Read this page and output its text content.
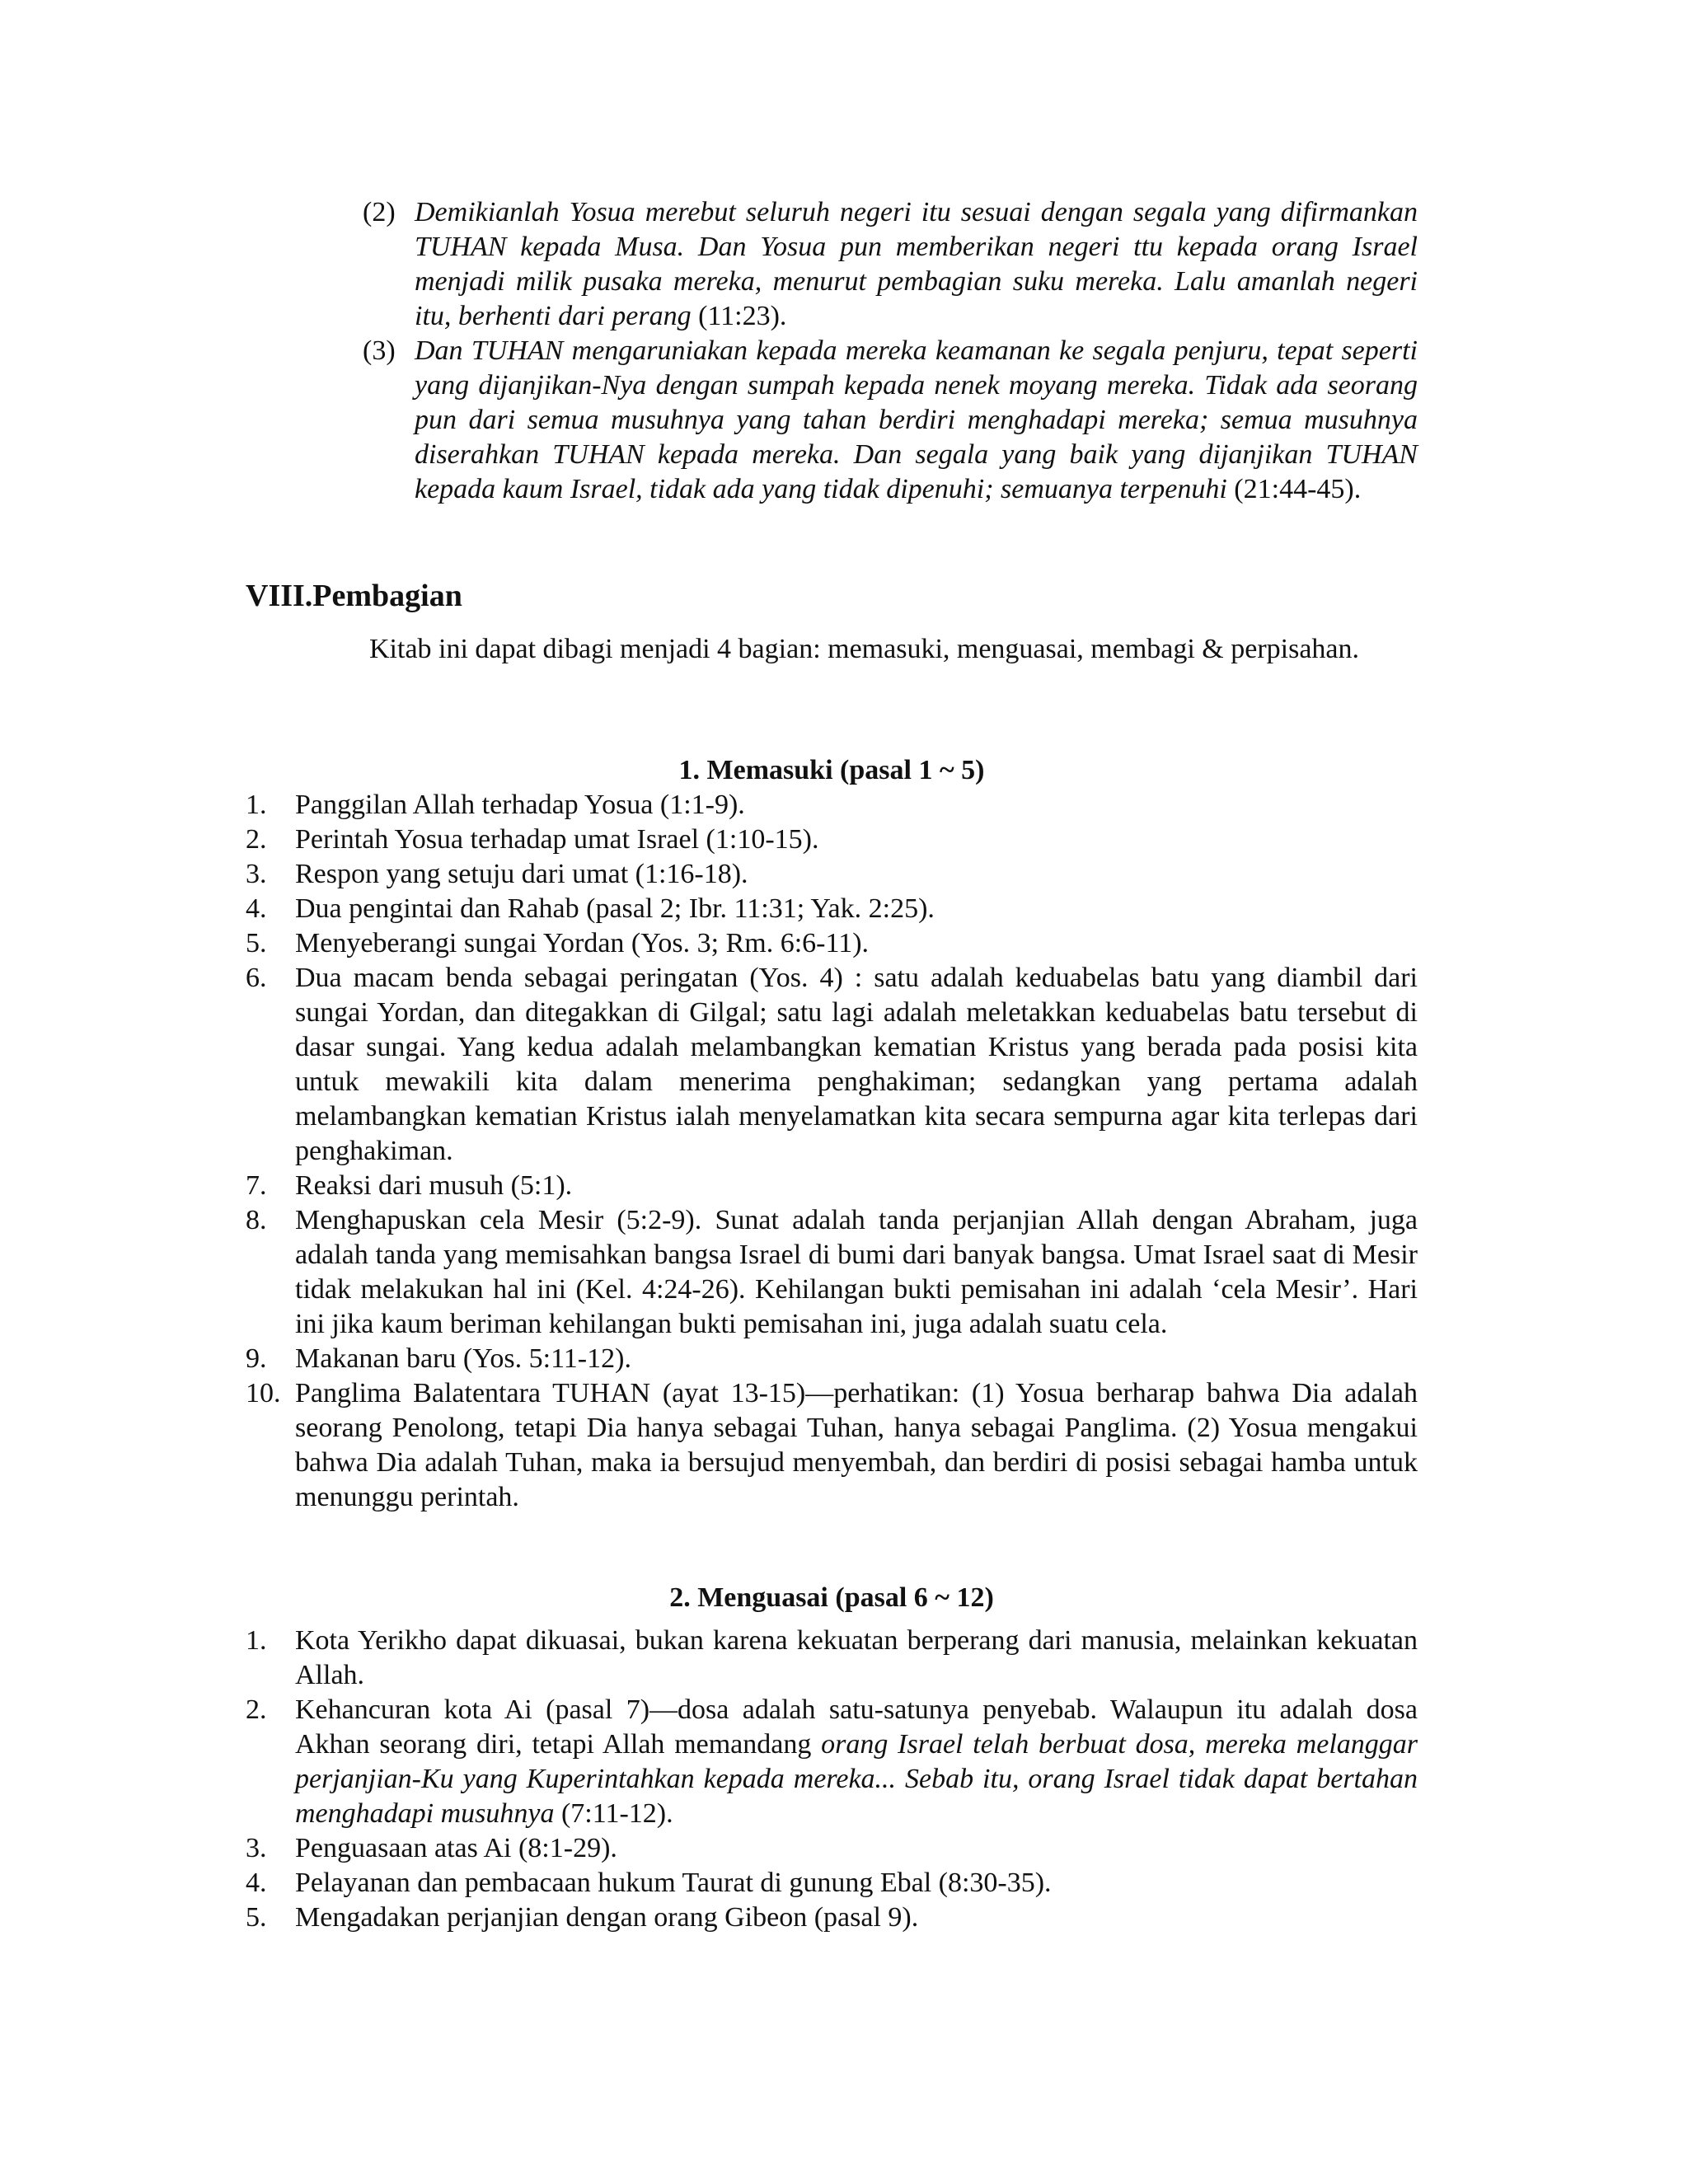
(2) Demikianlah Yosua merebut seluruh negeri itu sesuai dengan segala yang difirmankan TUHAN kepada Musa. Dan Yosua pun memberikan negeri ttu kepada orang Israel menjadi milik pusaka mereka, menurut pembagian suku mereka. Lalu amanlah negeri itu, berhenti dari perang (11:23).
(3) Dan TUHAN mengaruniakan kepada mereka keamanan ke segala penjuru, tepat seperti yang dijanjikan-Nya dengan sumpah kepada nenek moyang mereka. Tidak ada seorang pun dari semua musuhnya yang tahan berdiri menghadapi mereka; semua musuhnya diserahkan TUHAN kepada mereka. Dan segala yang baik yang dijanjikan TUHAN kepada kaum Israel, tidak ada yang tidak dipenuhi; semuanya terpenuhi (21:44-45).
VIII.Pembagian
Kitab ini dapat dibagi menjadi 4 bagian: memasuki, menguasai, membagi & perpisahan.
1. Memasuki (pasal 1 ~ 5)
1.	Panggilan Allah terhadap Yosua (1:1-9).
2.	Perintah Yosua terhadap umat Israel (1:10-15).
3.	Respon yang setuju dari umat (1:16-18).
4.	Dua pengintai dan Rahab (pasal 2; Ibr. 11:31; Yak. 2:25).
5.	Menyeberangi sungai Yordan (Yos. 3; Rm. 6:6-11).
6.	Dua macam benda sebagai peringatan (Yos. 4) : satu adalah keduabelas batu yang diambil dari sungai Yordan, dan ditegakkan di Gilgal; satu lagi adalah meletakkan keduabelas batu tersebut di dasar sungai. Yang kedua adalah melambangkan kematian Kristus yang berada pada posisi kita untuk mewakili kita dalam menerima penghakiman; sedangkan yang pertama adalah melambangkan kematian Kristus ialah menyelamatkan kita secara sempurna agar kita terlepas dari penghakiman.
7.	Reaksi dari musuh (5:1).
8.	Menghapuskan cela Mesir (5:2-9). Sunat adalah tanda perjanjian Allah dengan Abraham, juga adalah tanda yang memisahkan bangsa Israel di bumi dari banyak bangsa. Umat Israel saat di Mesir tidak melakukan hal ini (Kel. 4:24-26). Kehilangan bukti pemisahan ini adalah ‘cela Mesir’. Hari ini jika kaum beriman kehilangan bukti pemisahan ini, juga adalah suatu cela.
9.	Makanan baru (Yos. 5:11-12).
10. Panglima Balatentara TUHAN (ayat 13-15)—perhatikan: (1) Yosua berharap bahwa Dia adalah seorang Penolong, tetapi Dia hanya sebagai Tuhan, hanya sebagai Panglima. (2) Yosua mengakui bahwa Dia adalah Tuhan, maka ia bersujud menyembah, dan berdiri di posisi sebagai hamba untuk menunggu perintah.
2. Menguasai (pasal 6 ~ 12)
1.	Kota Yerikho dapat dikuasai, bukan karena kekuatan berperang dari manusia, melainkan kekuatan Allah.
2.	Kehancuran kota Ai (pasal 7)—dosa adalah satu-satunya penyebab. Walaupun itu adalah dosa Akhan seorang diri, tetapi Allah memandang orang Israel telah berbuat dosa, mereka melanggar perjanjian-Ku yang Kuperintahkan kepada mereka... Sebab itu, orang Israel tidak dapat bertahan menghadapi musuhnya (7:11-12).
3.	Penguasaan atas Ai (8:1-29).
4.	Pelayanan dan pembacaan hukum Taurat di gunung Ebal (8:30-35).
5.	Mengadakan perjanjian dengan orang Gibeon (pasal 9).
